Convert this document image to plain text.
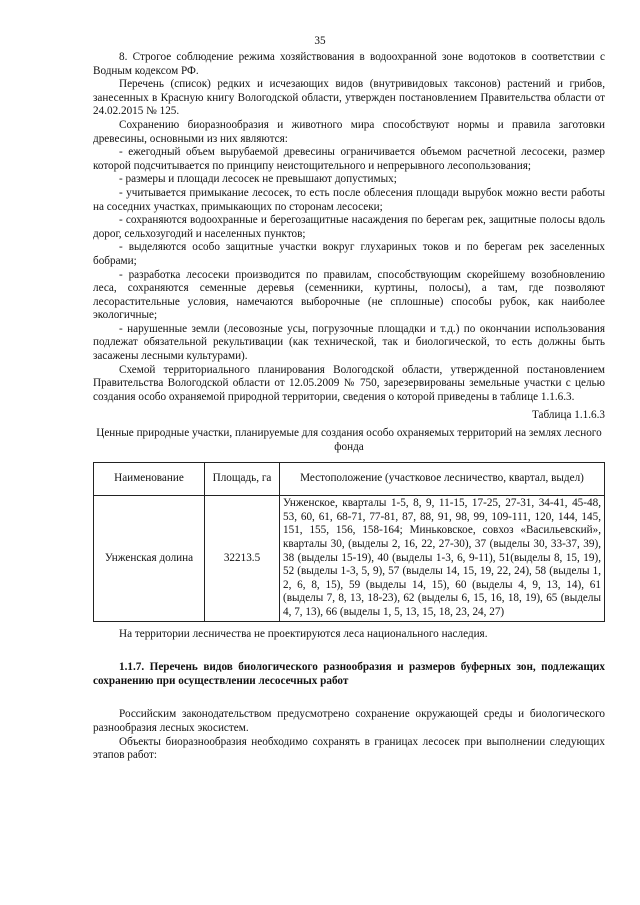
35

8. Строгое соблюдение режима хозяйствования в водоохранной зоне водотоков в соответствии с Водным кодексом РФ.

Перечень (список) редких и исчезающих видов (внутривидовых таксонов) растений и грибов, занесенных в Красную книгу Вологодской области, утвержден постановлением Правительства области от 24.02.2015 № 125.

Сохранению биоразнообразия и животного мира способствуют нормы и правила заготовки древесины, основными из них являются:

- ежегодный объем вырубаемой древесины ограничивается объемом расчетной лесосеки, размер которой подсчитывается по принципу неистощительного и непрерывного лесопользования;

- размеры и площади лесосек не превышают допустимых;

- учитывается примыкание лесосек, то есть после облесения площади вырубок можно вести работы на соседних участках, примыкающих по сторонам лесосеки;

- сохраняются водоохранные и берегозащитные насаждения по берегам рек, защитные полосы вдоль дорог, сельхозугодий и населенных пунктов;

- выделяются особо защитные участки вокруг глухариных токов и по берегам рек заселенных бобрами;

- разработка лесосеки производится по правилам, способствующим скорейшему возобновлению леса, сохраняются семенные деревья (семенники, куртины, полосы), а там, где позволяют лесорастительные условия, намечаются выборочные (не сплошные) способы рубок, как наиболее экологичные;

- нарушенные земли (лесовозные усы, погрузочные площадки и т.д.) по окончании использования подлежат обязательной рекультивации (как технической, так и биологической, то есть должны быть засажены лесными культурами).

Схемой территориального планирования Вологодской области, утвержденной постановлением Правительства Вологодской области от 12.05.2009 № 750, зарезервированы земельные участки с целью создания особо охраняемой природной территории, сведения о которой приведены в таблице 1.1.6.3.

Таблица 1.1.6.3

Ценные природные участки, планируемые для создания особо охраняемых территорий на землях лесного фонда

Наименование	Площадь, га	Местоположение (участковое лесничество, квартал, выдел)
Унженская долина	32213.5	Унженское, кварталы 1-5, 8, 9, 11-15, 17-25, 27-31, 34-41, 45-48, 53, 60, 61, 68-71, 77-81, 87, 88, 91, 98, 99, 109-111, 120, 144, 145, 151, 155, 156, 158-164; Миньковское, совхоз «Васильевский», кварталы 30, (выделы 2, 16, 22, 27-30), 37 (выделы 30, 33-37, 39), 38 (выделы 15-19), 40 (выделы 1-3, 6, 9-11), 51(выделы 8, 15, 19), 52 (выделы 1-3, 5, 9), 57 (выделы 14, 15, 19, 22, 24), 58 (выделы 1, 2, 6, 8, 15), 59 (выделы 14, 15), 60 (выделы 4, 9, 13, 14), 61 (выделы 7, 8, 13, 18-23), 62 (выделы 6, 15, 16, 18, 19), 65 (выделы 4, 7, 13), 66 (выделы 1, 5, 13, 15, 18, 23, 24, 27)

На территории лесничества не проектируются леса национального наследия.

1.1.7. Перечень видов биологического разнообразия и размеров буферных зон, подлежащих сохранению при осуществлении лесосечных работ

Российским законодательством предусмотрено сохранение окружающей среды и биологического разнообразия лесных экосистем.

Объекты биоразнообразия необходимо сохранять в границах лесосек при выполнении следующих этапов работ:
